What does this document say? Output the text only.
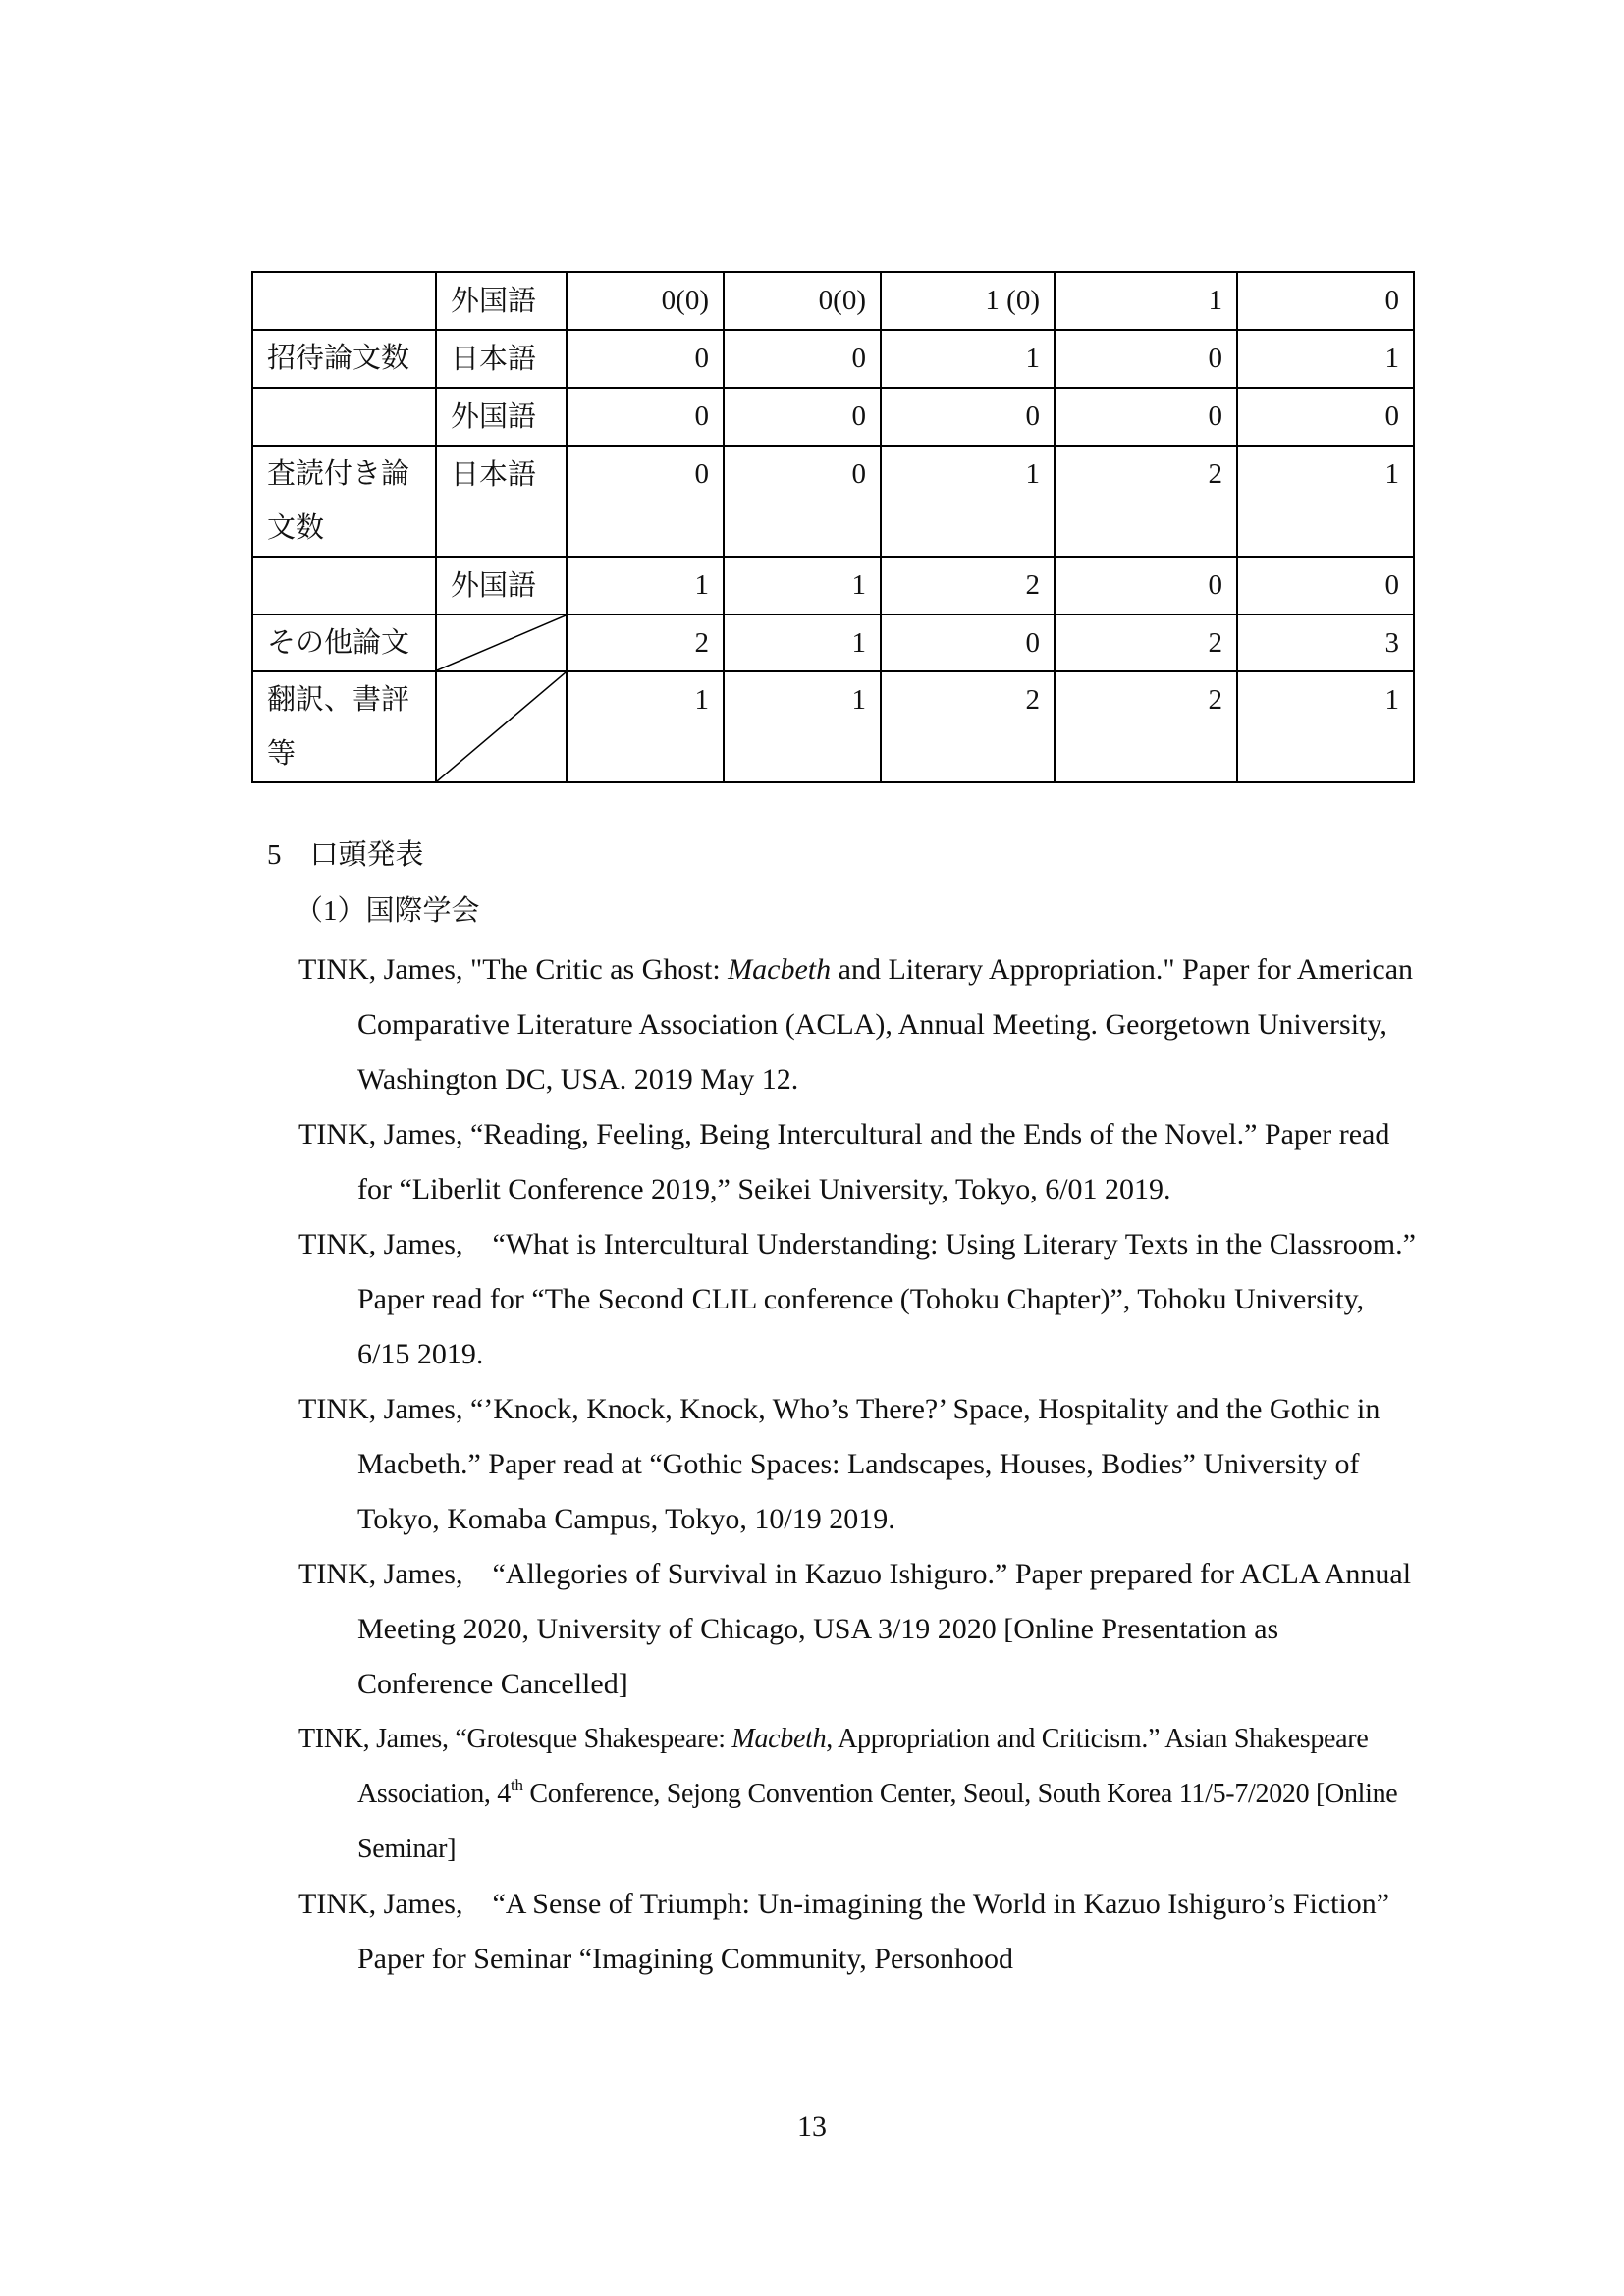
	外国語	0(0)	0(0)	1 (0)	1	0
招待論文数	日本語	0	0	1	0	1
	外国語	0	0	0	0	0
査読付き論文数	日本語	0	0	1	2	1
	外国語	1	1	2	0	0
その他論文		2	1	0	2	3
翻訳、書評等		1	1	2	2	1
5　口頭発表
（1）国際学会

TINK, James, "The Critic as Ghost: Macbeth and Literary Appropriation." Paper for American Comparative Literature Association (ACLA), Annual Meeting. Georgetown University, Washington DC, USA. 2019 May 12.

TINK, James, “Reading, Feeling, Being Intercultural and the Ends of the Novel.” Paper read for “Liberlit Conference 2019,” Seikei University, Tokyo, 6/01 2019.

TINK, James,　“What is Intercultural Understanding: Using Literary Texts in the Classroom.” Paper read for “The Second CLIL conference (Tohoku Chapter)”, Tohoku University, 6/15 2019.

TINK, James, “’Knock, Knock, Knock, Who’s There?’ Space, Hospitality and the Gothic in Macbeth.” Paper read at “Gothic Spaces: Landscapes, Houses, Bodies” University of Tokyo, Komaba Campus, Tokyo, 10/19 2019.

TINK, James,　“Allegories of Survival in Kazuo Ishiguro.” Paper prepared for ACLA Annual Meeting 2020, University of Chicago, USA 3/19 2020 [Online Presentation as Conference Cancelled]

TINK, James, “Grotesque Shakespeare: Macbeth, Appropriation and Criticism.” Asian Shakespeare Association, 4th Conference, Sejong Convention Center, Seoul, South Korea 11/5-7/2020 [Online Seminar]

TINK, James,　“A Sense of Triumph: Un-imagining the World in Kazuo Ishiguro’s Fiction” Paper for Seminar “Imagining Community, Personhood

13
